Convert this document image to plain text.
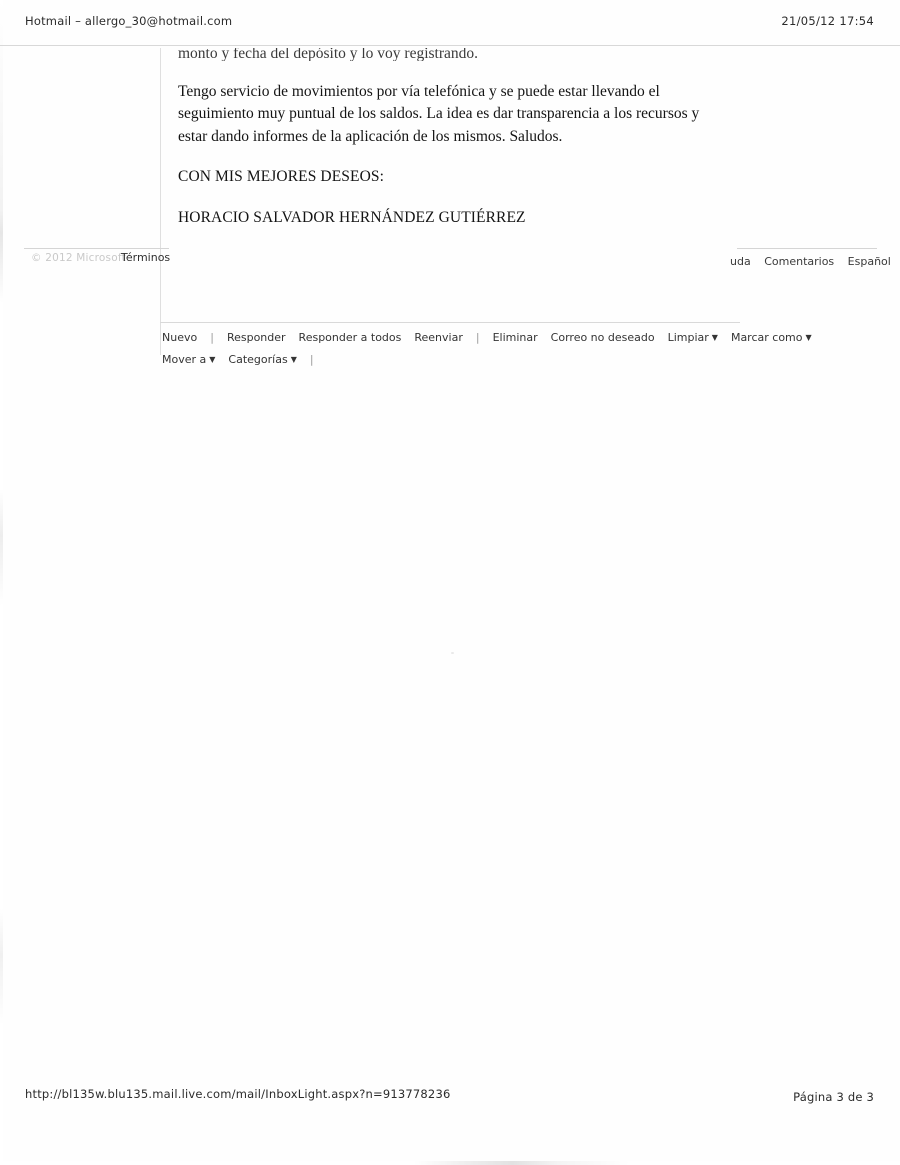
Hotmail – allergo_30@hotmail.com	21/05/12 17:54
monto y fecha del depósito y lo voy registrando.

Tengo servicio de movimientos por vía telefónica y se puede estar llevando el seguimiento muy puntual de los saldos. La idea es dar transparencia a los recursos y estar dando informes de la aplicación de los mismos. Saludos.

CON MIS MEJORES DESEOS:

HORACIO SALVADOR HERNÁNDEZ GUTIÉRREZ

© 2012 Microsoft
Términos	uda Comentarios Español
Nuevo | Responder Responder a todos Reenviar | Eliminar Correo no deseado Limpiar ▼ Marcar como ▼
Mover a ▼ Categorías ▼ |
http://bl135w.blu135.mail.live.com/mail/InboxLight.aspx?n=913778236	Página 3 de 3
